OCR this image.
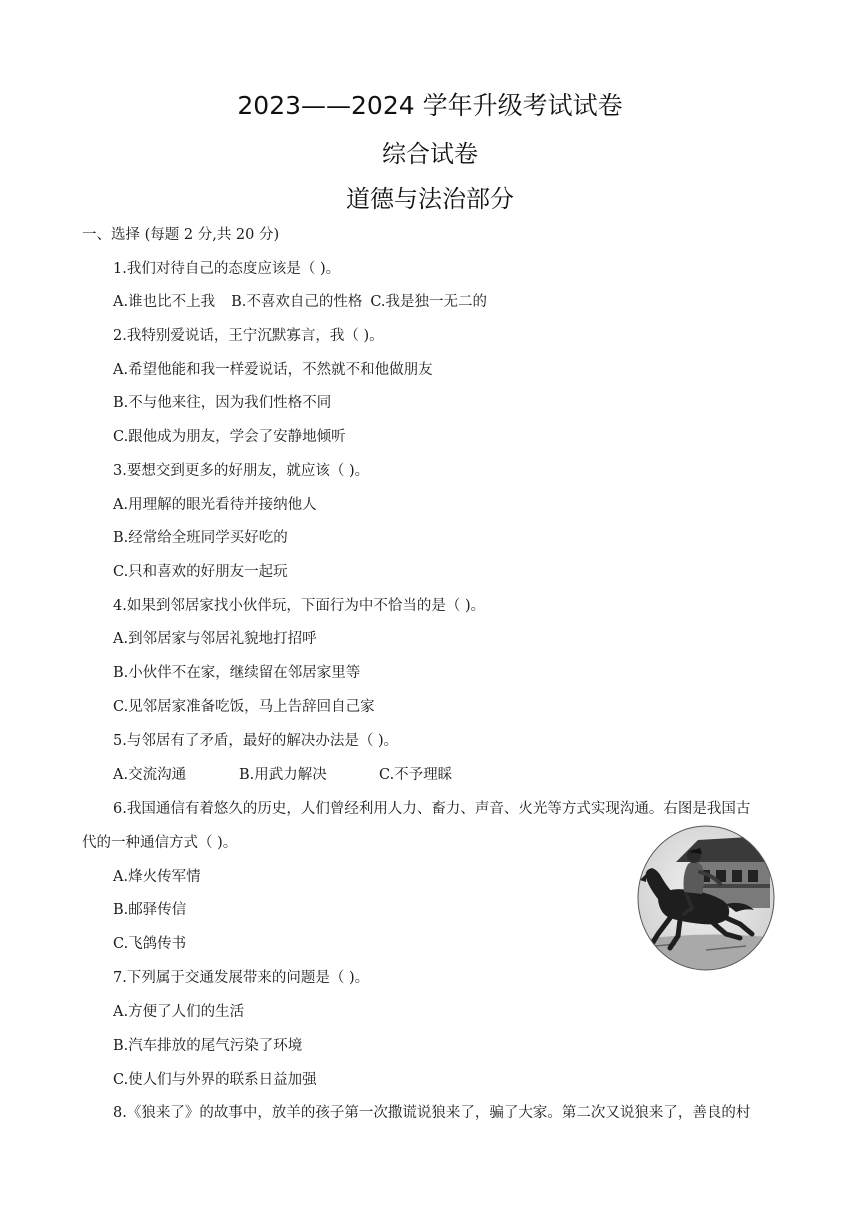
2023——2024 学年升级考试试卷
综合试卷
道德与法治部分
一、选择 (每题 2 分,共 20 分)
1.我们对待自己的态度应该是（ )。
A.谁也比不上我 B.不喜欢自己的性格 C.我是独一无二的
2.我特别爱说话，王宁沉默寡言，我（ )。
A.希望他能和我一样爱说话，不然就不和他做朋友
B.不与他来往，因为我们性格不同
C.跟他成为朋友，学会了安静地倾听
3.要想交到更多的好朋友，就应该（ )。
A.用理解的眼光看待并接纳他人
B.经常给全班同学买好吃的
C.只和喜欢的好朋友一起玩
4.如果到邻居家找小伙伴玩，下面行为中不恰当的是（ )。
A.到邻居家与邻居礼貌地打招呼
B.小伙伴不在家，继续留在邻居家里等
C.见邻居家准备吃饭，马上告辞回自己家
5.与邻居有了矛盾，最好的解决办法是（ )。
A.交流沟通	B.用武力解决	C.不予理睬
6.我国通信有着悠久的历史，人们曾经利用人力、畜力、声音、火光等方式实现沟通。右图是我国古
代的一种通信方式（ )。
A.烽火传军情
B.邮驿传信
C.飞鸽传书
7.下列属于交通发展带来的问题是（ )。
A.方便了人们的生活
B.汽车排放的尾气污染了环境
C.使人们与外界的联系日益加强
8.《狼来了》的故事中，放羊的孩子第一次撒谎说狼来了，骗了大家。第二次又说狼来了，善良的村
